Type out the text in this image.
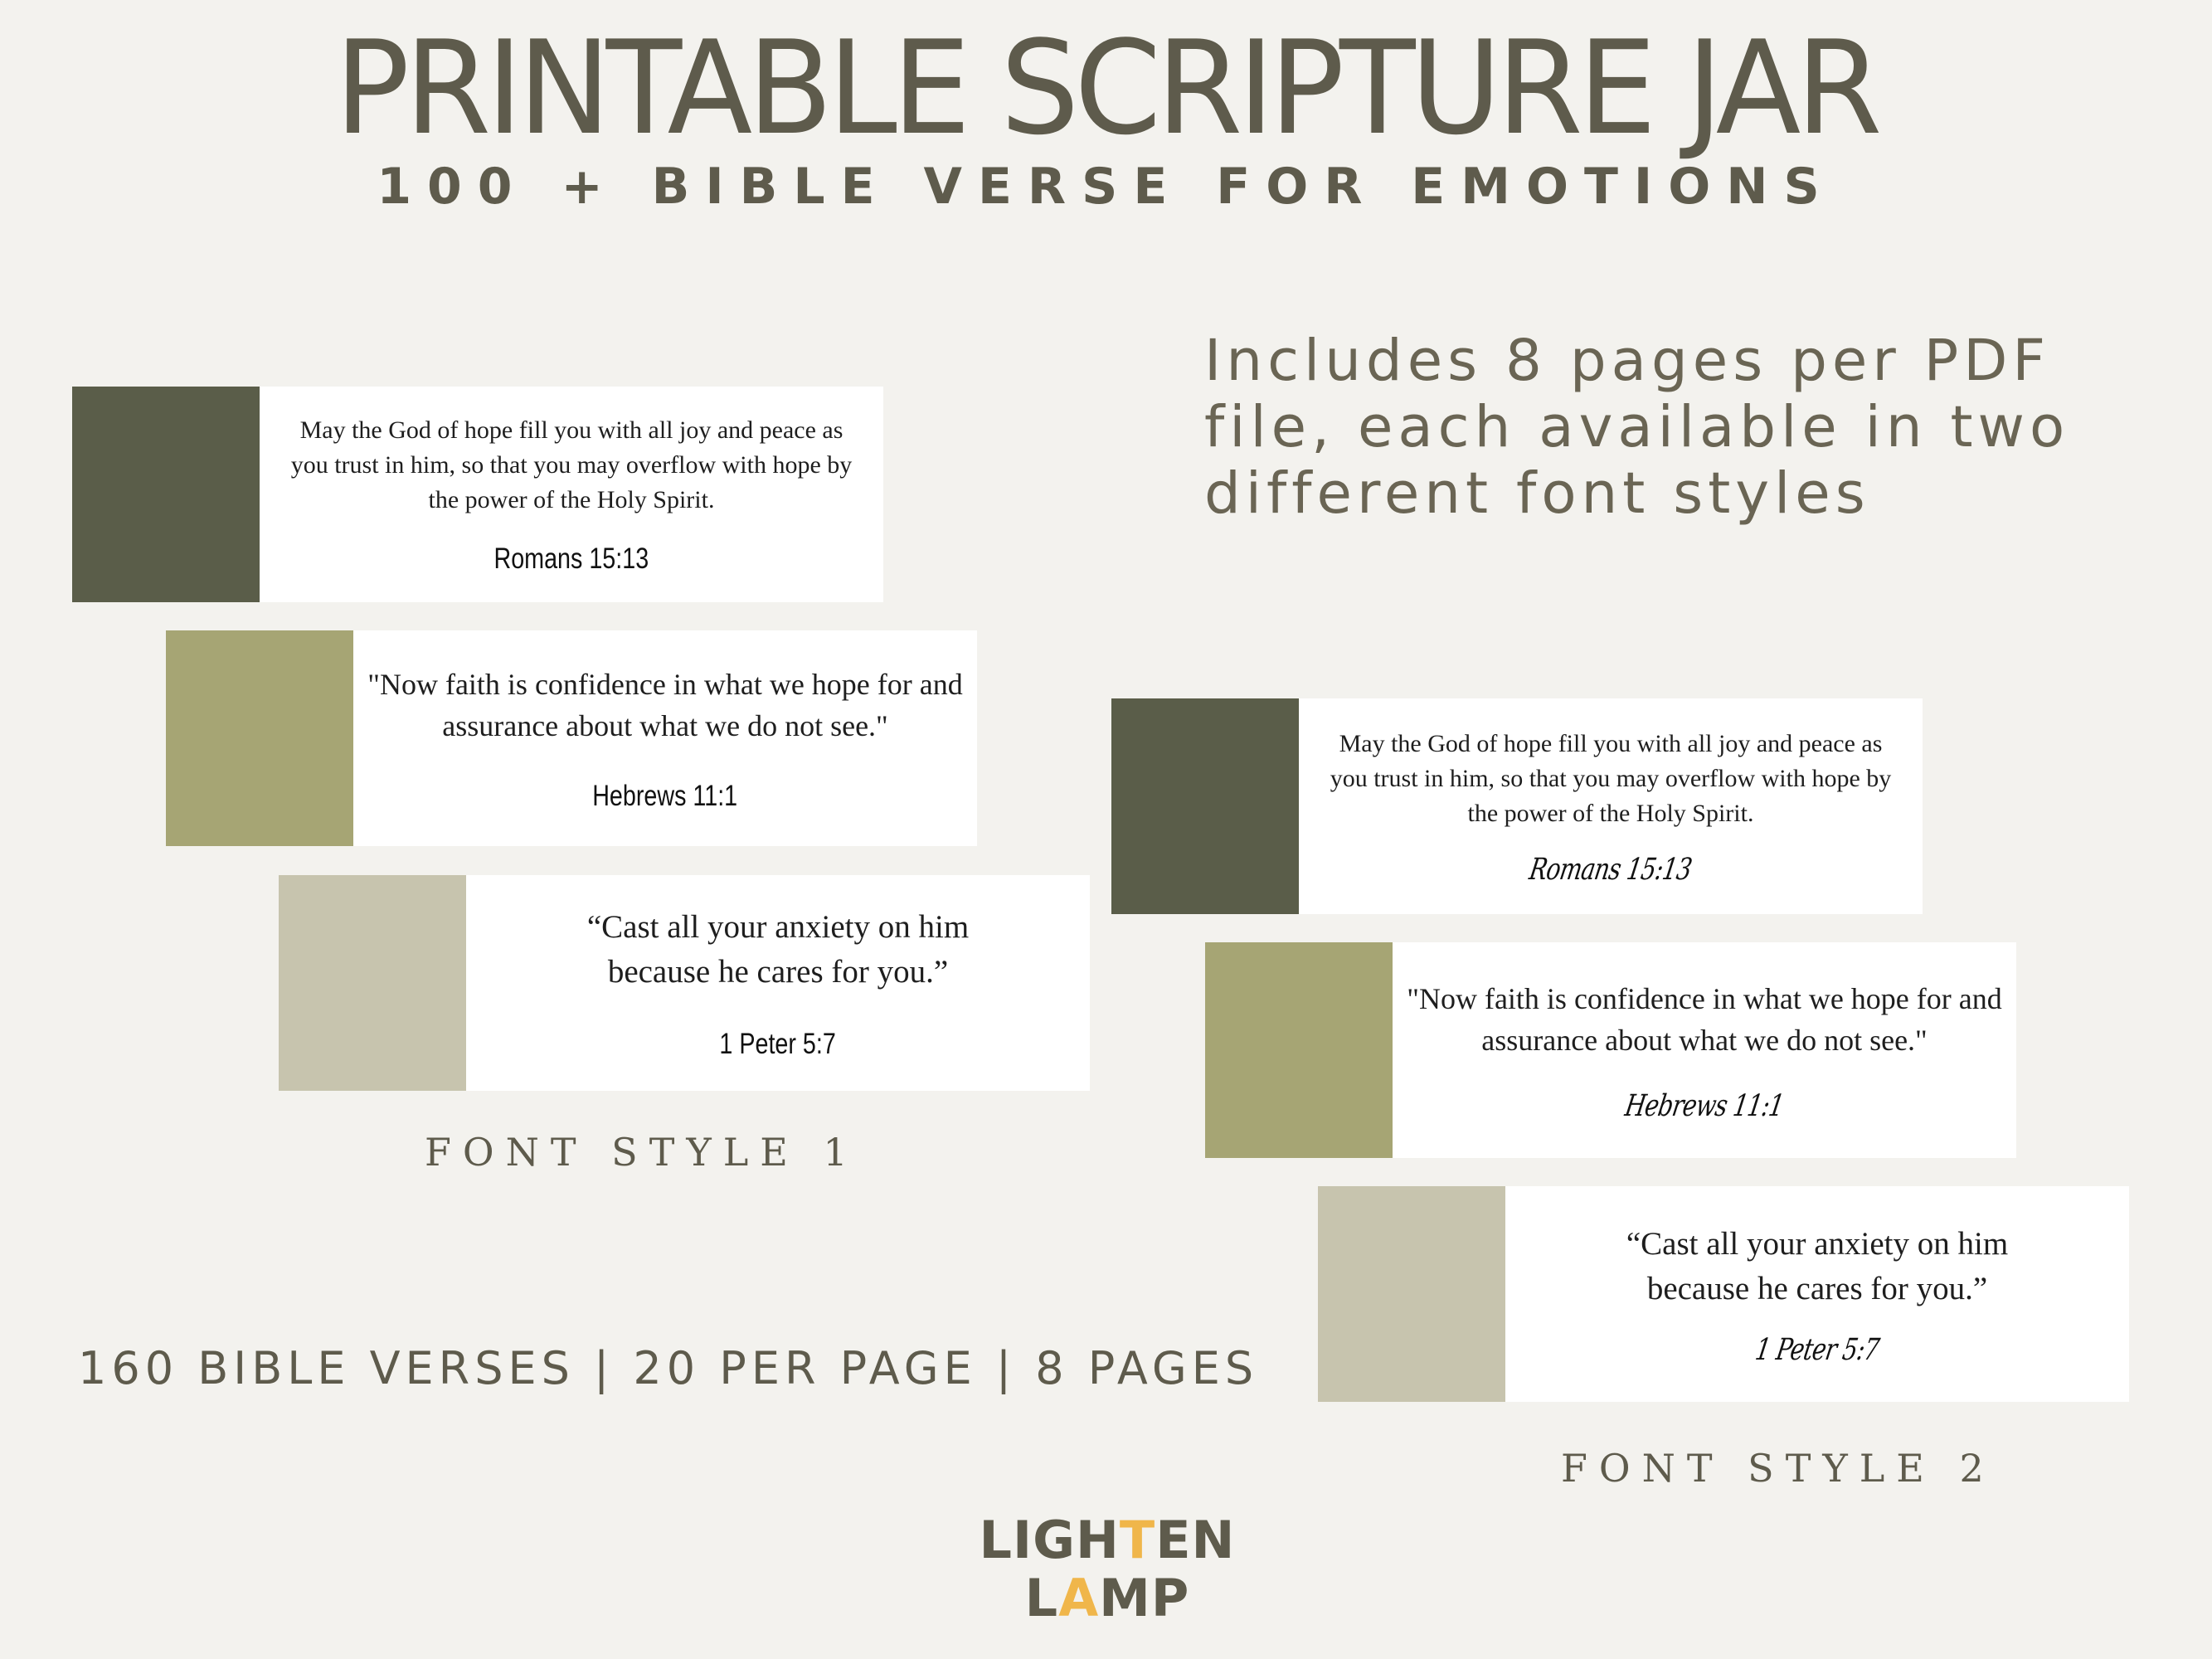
PRINTABLE SCRIPTURE JAR
100 + BIBLE VERSE FOR EMOTIONS
Includes 8 pages per PDF file, each available in two different font styles
May the God of hope fill you with all joy and peace as you trust in him, so that you may overflow with hope by the power of the Holy Spirit.
Romans 15:13
"Now faith is confidence in what we hope for and assurance about what we do not see."
Hebrews 11:1
“Cast all your anxiety on him because he cares for you.”
1 Peter 5:7
FONT STYLE 1
May the God of hope fill you with all joy and peace as you trust in him, so that you may overflow with hope by the power of the Holy Spirit.
Romans 15:13
"Now faith is confidence in what we hope for and assurance about what we do not see."
Hebrews 11:1
“Cast all your anxiety on him because he cares for you.”
1 Peter 5:7
FONT STYLE 2
160 BIBLE VERSES | 20 PER PAGE | 8 PAGES
LIGHTEN
LAMP
